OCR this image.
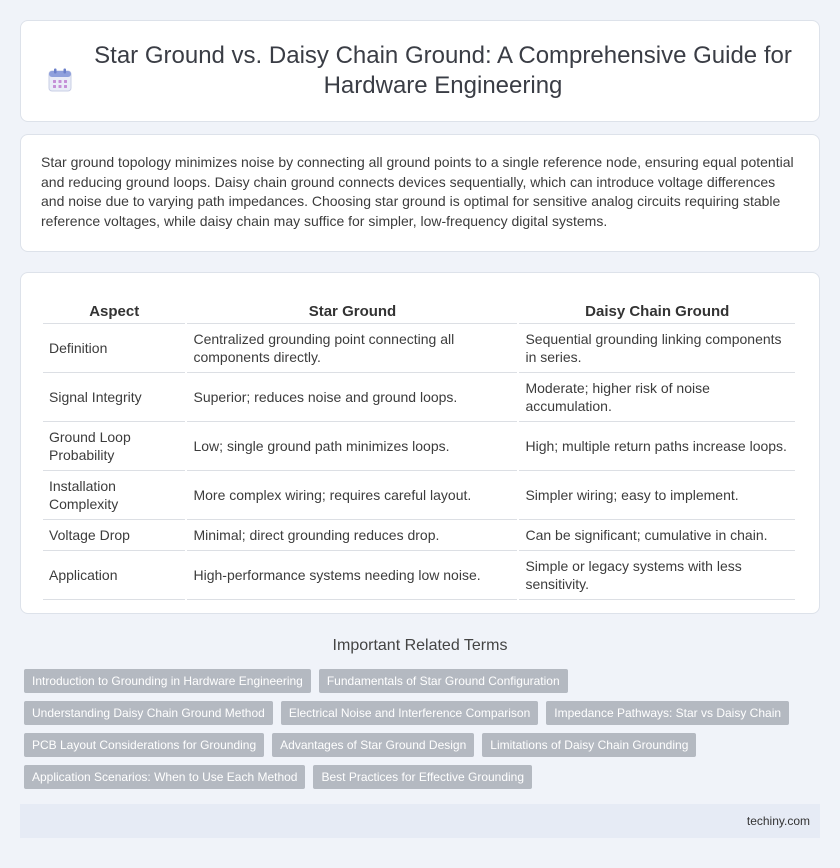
Star Ground vs. Daisy Chain Ground: A Comprehensive Guide for Hardware Engineering

Star ground topology minimizes noise by connecting all ground points to a single reference node, ensuring equal potential and reducing ground loops. Daisy chain ground connects devices sequentially, which can introduce voltage differences and noise due to varying path impedances. Choosing star ground is optimal for sensitive analog circuits requiring stable reference voltages, while daisy chain may suffice for simpler, low-frequency digital systems.

Aspect	Star Ground	Daisy Chain Ground
Definition	Centralized grounding point connecting all components directly.	Sequential grounding linking components in series.
Signal Integrity	Superior; reduces noise and ground loops.	Moderate; higher risk of noise accumulation.
Ground Loop Probability	Low; single ground path minimizes loops.	High; multiple return paths increase loops.
Installation Complexity	More complex wiring; requires careful layout.	Simpler wiring; easy to implement.
Voltage Drop	Minimal; direct grounding reduces drop.	Can be significant; cumulative in chain.
Application	High-performance systems needing low noise.	Simple or legacy systems with less sensitivity.
Important Related Terms
Introduction to Grounding in Hardware Engineering	Fundamentals of Star Ground Configuration
Understanding Daisy Chain Ground Method	Electrical Noise and Interference Comparison	Impedance Pathways: Star vs Daisy Chain
PCB Layout Considerations for Grounding	Advantages of Star Ground Design	Limitations of Daisy Chain Grounding
Application Scenarios: When to Use Each Method	Best Practices for Effective Grounding
techiny.com
